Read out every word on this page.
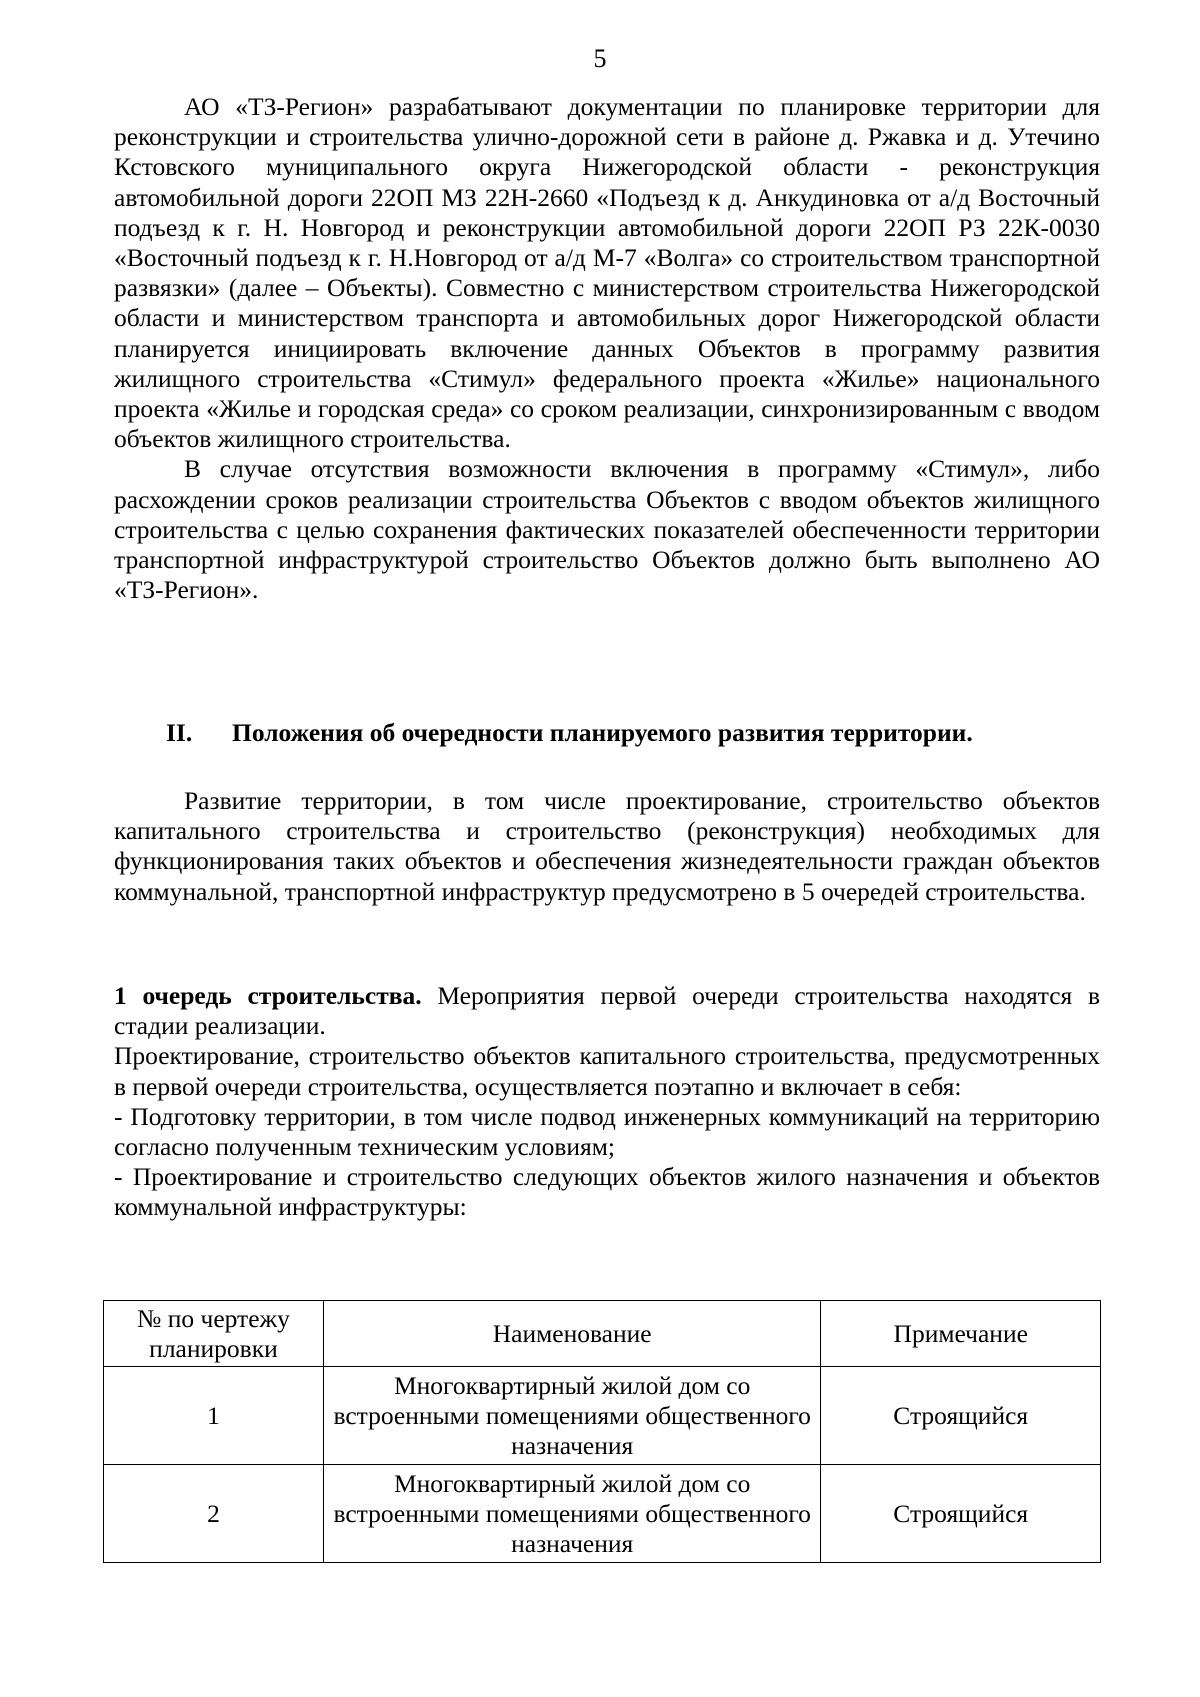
5

АО «ТЗ-Регион» разрабатывают документации по планировке территории для реконструкции и строительства улично-дорожной сети в районе д. Ржавка и д. Утечино Кстовского муниципального округа Нижегородской области - реконструкция автомобильной дороги 22ОП МЗ 22Н-2660 «Подъезд к д. Анкудиновка от а/д Восточный подъезд к г. Н. Новгород и реконструкции автомобильной дороги 22ОП РЗ 22К-0030 «Восточный подъезд к г. Н.Новгород от а/д М-7 «Волга» со строительством транспортной развязки» (далее – Объекты). Совместно с министерством строительства Нижегородской области и министерством транспорта и автомобильных дорог Нижегородской области планируется инициировать включение данных Объектов в программу развития жилищного строительства «Стимул» федерального проекта «Жилье» национального проекта «Жилье и городская среда» со сроком реализации, синхронизированным с вводом объектов жилищного строительства.

В случае отсутствия возможности включения в программу «Стимул», либо расхождении сроков реализации строительства Объектов с вводом объектов жилищного строительства с целью сохранения фактических показателей обеспеченности территории транспортной инфраструктурой строительство Объектов должно быть выполнено АО «ТЗ-Регион».

II. Положения об очередности планируемого развития территории.

Развитие территории, в том числе проектирование, строительство объектов капитального строительства и строительство (реконструкция) необходимых для функционирования таких объектов и обеспечения жизнедеятельности граждан объектов коммунальной, транспортной инфраструктур предусмотрено в 5 очередей строительства.

1 очередь строительства. Мероприятия первой очереди строительства находятся в стадии реализации.

Проектирование, строительство объектов капитального строительства, предусмотренных в первой очереди строительства, осуществляется поэтапно и включает в себя:

- Подготовку территории, в том числе подвод инженерных коммуникаций на территорию согласно полученным техническим условиям;

- Проектирование и строительство следующих объектов жилого назначения и объектов коммунальной инфраструктуры:

№ по чертежу планировки	Наименование	Примечание
1	Многоквартирный жилой дом со встроенными помещениями общественного назначения	Строящийся
2	Многоквартирный жилой дом со встроенными помещениями общественного назначения	Строящийся
